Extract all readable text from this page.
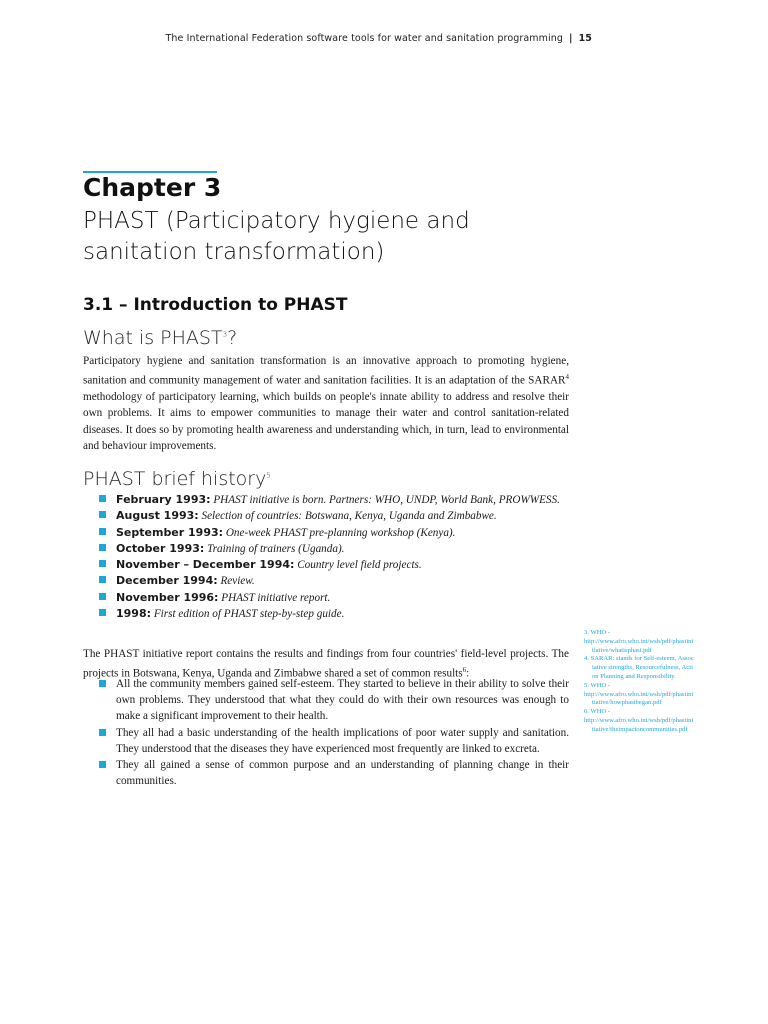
The International Federation software tools for water and sanitation programming | 15
Chapter 3
PHAST (Participatory hygiene and sanitation transformation)
3.1 – Introduction to PHAST
What is PHAST$^3$?
Participatory hygiene and sanitation transformation is an innovative approach to promoting hygiene, sanitation and community management of water and sanitation facilities. It is an adaptation of the SARAR$^4$ methodology of participatory learning, which builds on people's innate ability to address and resolve their own problems. It aims to empower communities to manage their water and control sanitation-related diseases. It does so by promoting health awareness and understanding which, in turn, lead to environmental and behaviour improvements.
PHAST brief history$^5$
February 1993: PHAST initiative is born. Partners: WHO, UNDP, World Bank, PROWWESS.
August 1993: Selection of countries: Botswana, Kenya, Uganda and Zimbabwe.
September 1993: One-week PHAST pre-planning workshop (Kenya).
October 1993: Training of trainers (Uganda).
November – December 1994: Country level field projects.
December 1994: Review.
November 1996: PHAST initiative report.
1998: First edition of PHAST step-by-step guide.
The PHAST initiative report contains the results and findings from four countries' field-level projects. The projects in Botswana, Kenya, Uganda and Zimbabwe shared a set of common results$^6$:
All the community members gained self-esteem. They started to believe in their ability to solve their own problems. They understood that what they could do with their own resources was enough to make a significant improvement to their health.
They all had a basic understanding of the health implications of poor water supply and sanitation. They understood that the diseases they have experienced most frequently are linked to excreta.
They all gained a sense of common purpose and an understanding of planning change in their communities.
3. WHO -
http://www.afro.who.int/wsh/pdf/phastinitiative/whatisphast.pdf
4. SARAR: stands for Self-esteem, Associative strengths, Resourcefulness, Action Planning and Responsibility.
5. WHO -
http://www.afro.who.int/wsh/pdf/phastinitiative/howphastbegan.pdf
6. WHO -
http://www.afro.who.int/wsh/pdf/phastinitiative/theimpactoncommunities.pdf
